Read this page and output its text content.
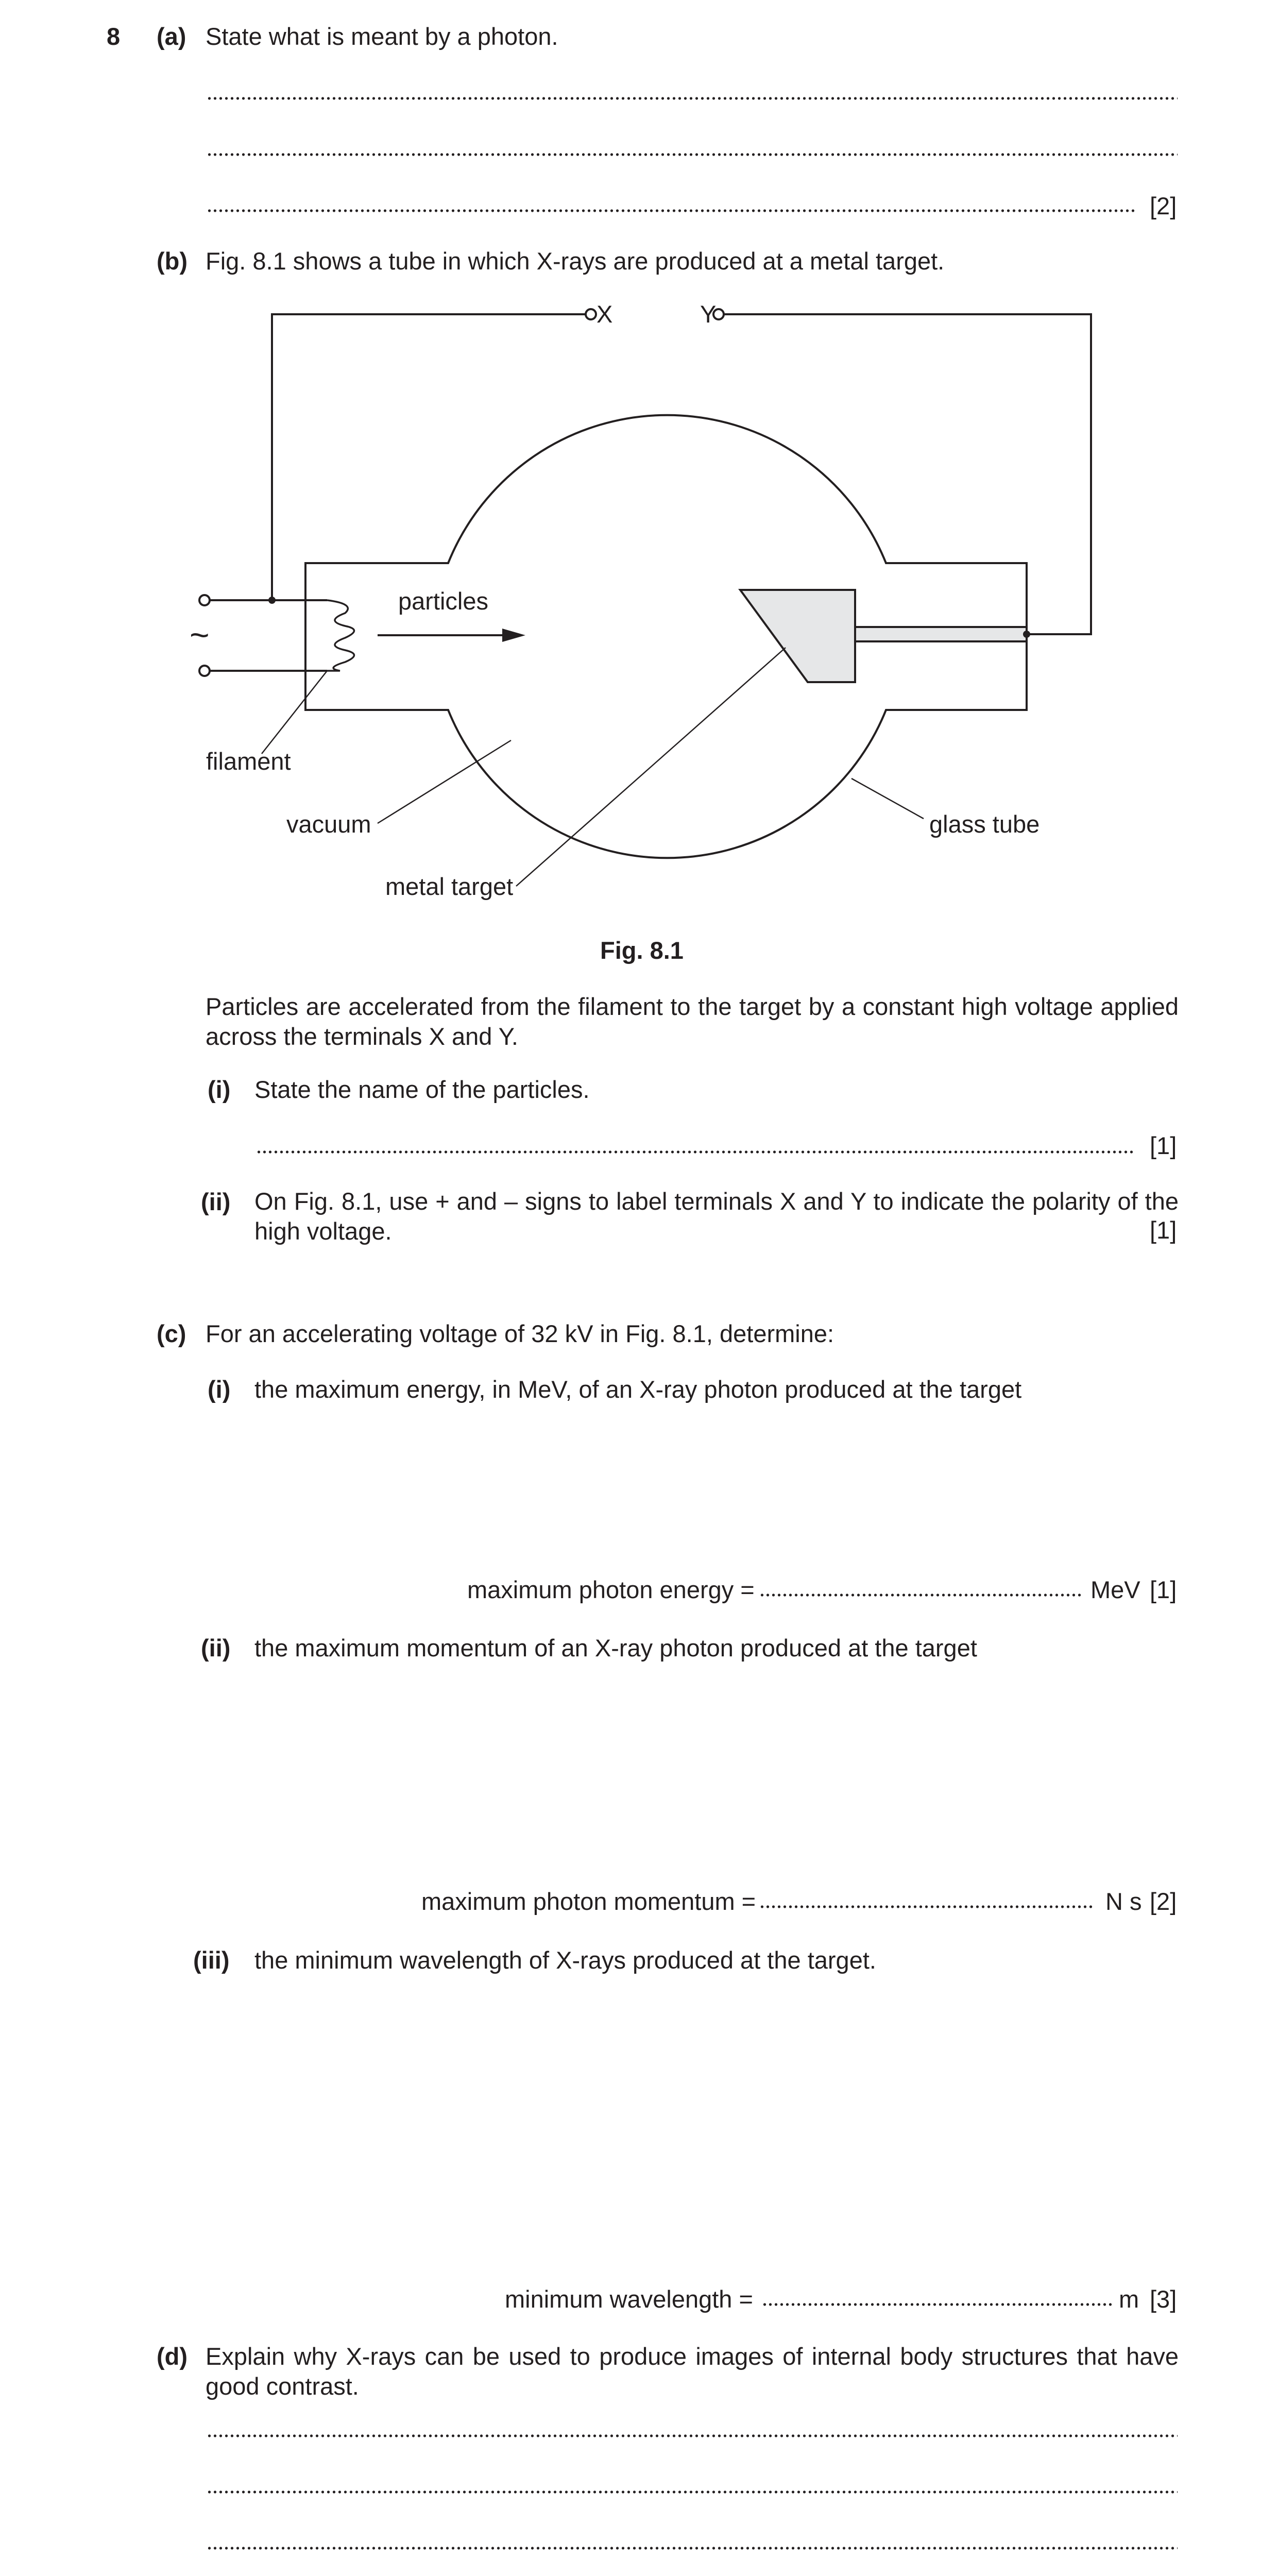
8 (a) State what is meant by a photon.
[2]
(b) Fig. 8.1 shows a tube in which X-rays are produced at a metal target.
X	Y
~
particles
filament
vacuum
metal target
glass tube
Fig. 8.1
Particles are accelerated from the filament to the target by a constant high voltage applied across the terminals X and Y.
(i) State the name of the particles.
[1]
(ii) On Fig. 8.1, use + and – signs to label terminals X and Y to indicate the polarity of the high voltage.	[1]
(c) For an accelerating voltage of 32 kV in Fig. 8.1, determine:
(i) the maximum energy, in MeV, of an X-ray photon produced at the target
maximum photon energy =	MeV [1]
(ii) the maximum momentum of an X-ray photon produced at the target
maximum photon momentum =	N s [2]
(iii) the minimum wavelength of X-rays produced at the target.
minimum wavelength =	m [3]
(d) Explain why X-rays can be used to produce images of internal body structures that have good contrast.
